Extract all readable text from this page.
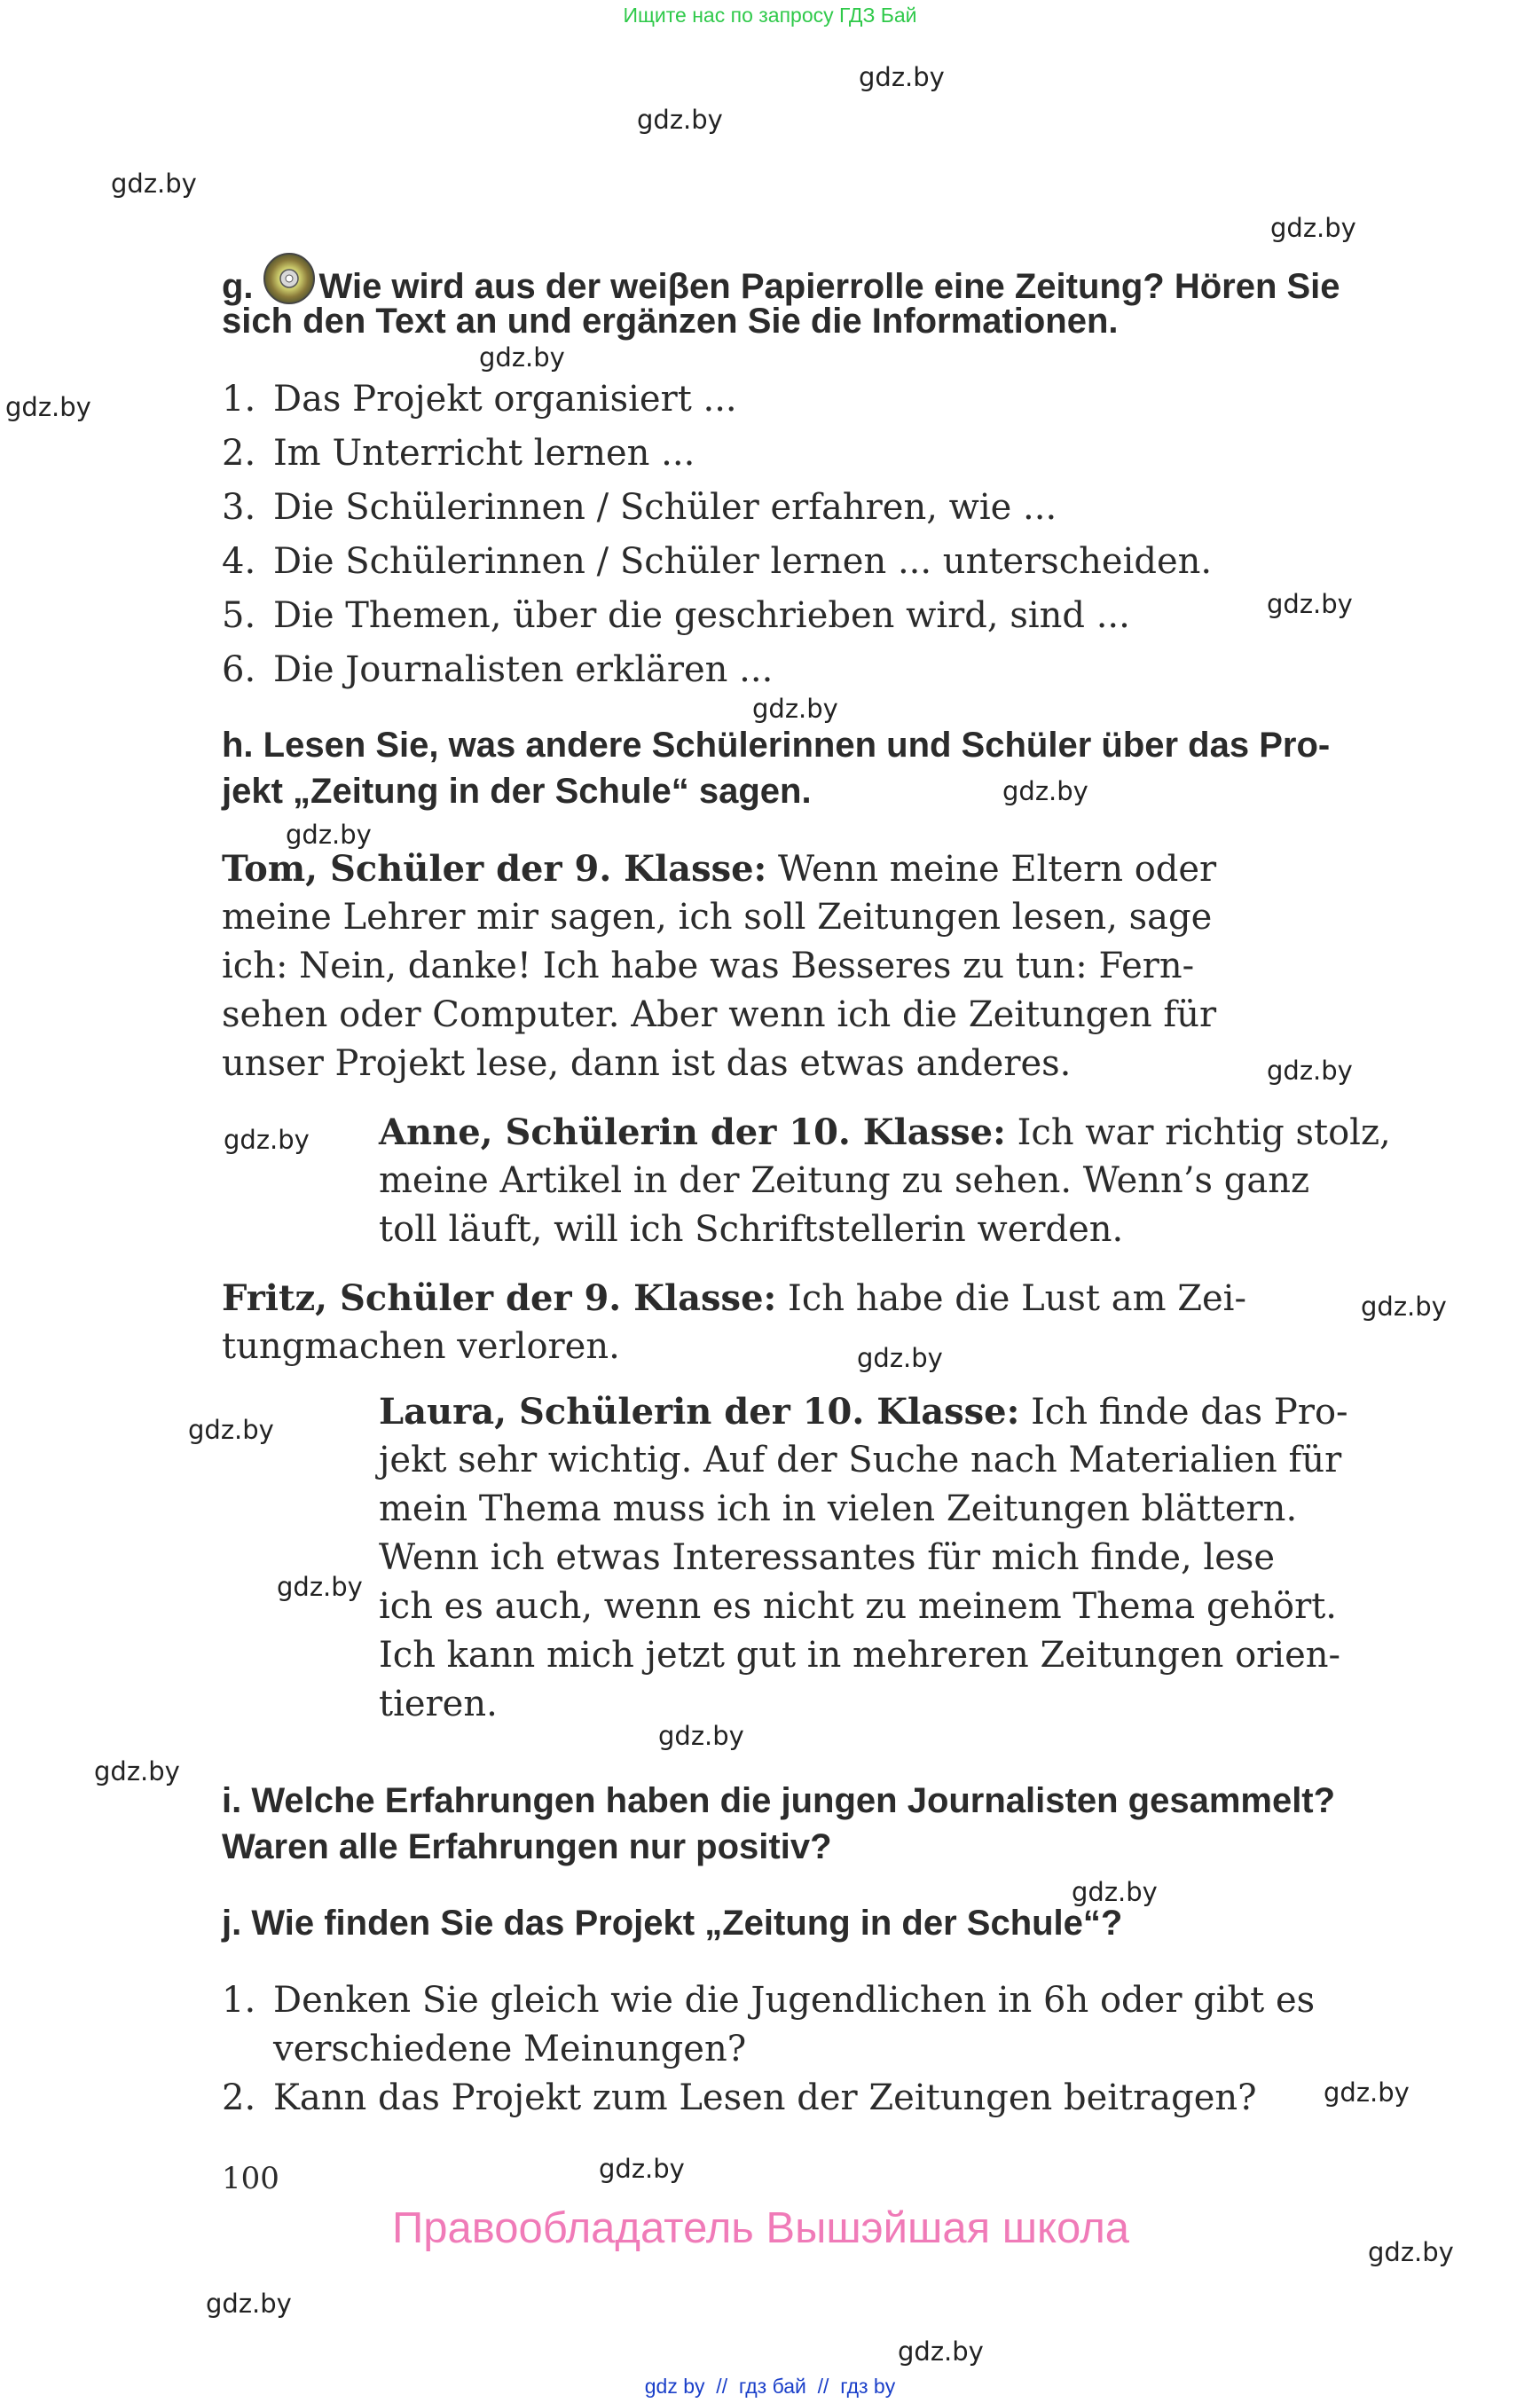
Ищите нас по запросу ГДЗ Бай
gdz.by
gdz.by
gdz.by
gdz.by
gdz.by
gdz.by
gdz.by
gdz.by
gdz.by
gdz.by
gdz.by
gdz.by
gdz.by
gdz.by
gdz.by
gdz.by
gdz.by
gdz.by
gdz.by
gdz.by
gdz.by
gdz.by
gdz.by
gdz.by
g. Wie wird aus der weiβen Papierrolle eine Zeitung? Hören Sie
sich den Text an und ergänzen Sie die Informationen.
1. Das Projekt organisiert ...
2. Im Unterricht lernen ...
3. Die Schülerinnen / Schüler erfahren, wie ...
4. Die Schülerinnen / Schüler lernen ... unterscheiden.
5. Die Themen, über die geschrieben wird, sind ...
6. Die Journalisten erklären ...
h. Lesen Sie, was andere Schülerinnen und Schüler über das Pro-
jekt „Zeitung in der Schule“ sagen.
Tom, Schüler der 9. Klasse: Wenn meine Eltern oder
meine Lehrer mir sagen, ich soll Zeitungen lesen, sage
ich: Nein, danke! Ich habe was Besseres zu tun: Fern-
sehen oder Computer. Aber wenn ich die Zeitungen für
unser Projekt lese, dann ist das etwas anderes.
Anne, Schülerin der 10. Klasse: Ich war richtig stolz,
meine Artikel in der Zeitung zu sehen. Wenn’s ganz
toll läuft, will ich Schriftstellerin werden.
Fritz, Schüler der 9. Klasse: Ich habe die Lust am Zei-
tungmachen verloren.
Laura, Schülerin der 10. Klasse: Ich finde das Pro-
jekt sehr wichtig. Auf der Suche nach Materialien für
mein Thema muss ich in vielen Zeitungen blättern.
Wenn ich etwas Interessantes für mich finde, lese
ich es auch, wenn es nicht zu meinem Thema gehört.
Ich kann mich jetzt gut in mehreren Zeitungen orien-
tieren.
i. Welche Erfahrungen haben die jungen Journalisten gesammelt?
Waren alle Erfahrungen nur positiv?
j. Wie finden Sie das Projekt „Zeitung in der Schule“?
1. Denken Sie gleich wie die Jugendlichen in 6h oder gibt es
verschiedene Meinungen?
2. Kann das Projekt zum Lesen der Zeitungen beitragen?
100
Правообладатель Вышэйшая школа
gdz by  //  гдз бай  //  гдз by
